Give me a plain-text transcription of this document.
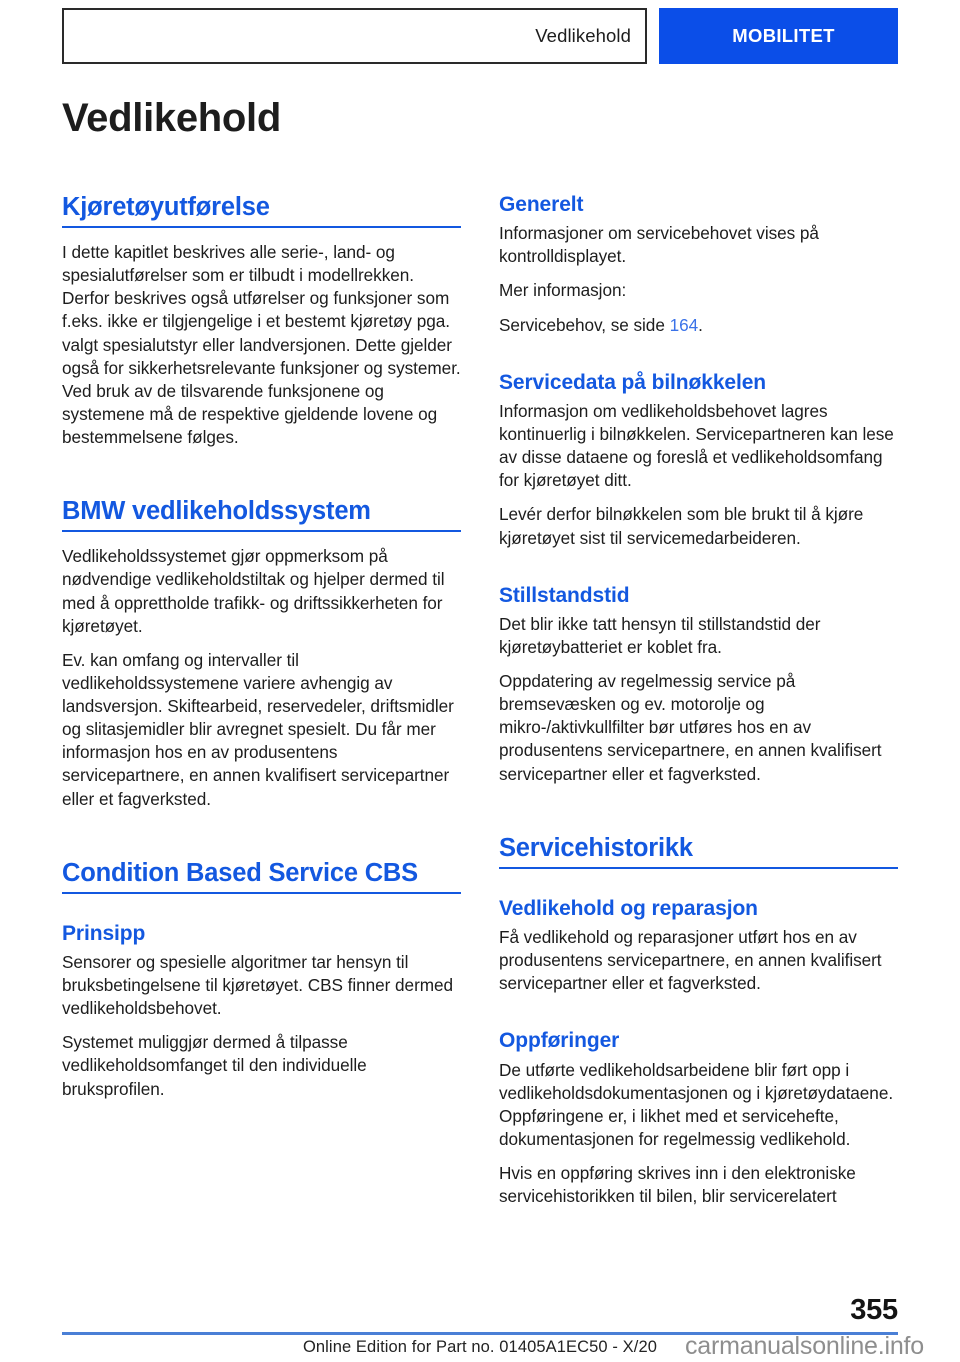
Vedlikehold	MOBILITET
Vedlikehold
Kjøretøyutførelse

I dette kapitlet beskrives alle serie-, land- og spesialutførelser som er tilbudt i modellrekken. Derfor beskrives også utførelser og funksjoner som f.eks. ikke er tilgjengelige i et bestemt kjøretøy pga. valgt spesialutstyr eller landversjonen. Dette gjelder også for sikkerhetsrelevante funksjoner og systemer. Ved bruk av de tilsvarende funksjonene og systemene må de respektive gjeldende lovene og bestemmelsene følges.

BMW vedlikeholdssystem

Vedlikeholdssystemet gjør oppmerksom på nødvendige vedlikeholdstiltak og hjelper dermed til med å opprettholde trafikk- og driftssikkerheten for kjøretøyet.

Ev. kan omfang og intervaller til vedlikeholdssystemene variere avhengig av landsversjon. Skiftearbeid, reservedeler, driftsmidler og slitasjemidler blir avregnet spesielt. Du får mer informasjon hos en av produsentens servicepartnere, en annen kvalifisert servicepartner eller et fagverksted.

Condition Based Service CBS
Prinsipp

Sensorer og spesielle algoritmer tar hensyn til bruksbetingelsene til kjøretøyet. CBS finner dermed vedlikeholdsbehovet.

Systemet muliggjør dermed å tilpasse vedlikeholdsomfanget til den individuelle bruksprofilen.

Generelt

Informasjoner om servicebehovet vises på kontrolldisplayet.

Mer informasjon:

Servicebehov, se side 164.

Servicedata på bilnøkkelen

Informasjon om vedlikeholdsbehovet lagres kontinuerlig i bilnøkkelen. Servicepartneren kan lese av disse dataene og foreslå et vedlikeholdsomfang for kjøretøyet ditt.

Levér derfor bilnøkkelen som ble brukt til å kjøre kjøretøyet sist til servicemedarbeideren.

Stillstandstid

Det blir ikke tatt hensyn til stillstandstid der kjøretøybatteriet er koblet fra.

Oppdatering av regelmessig service på bremsevæsken og ev. motorolje og mikro-/aktivkullfilter bør utføres hos en av produsentens servicepartnere, en annen kvalifisert servicepartner eller et fagverksted.

Servicehistorikk
Vedlikehold og reparasjon

Få vedlikehold og reparasjoner utført hos en av produsentens servicepartnere, en annen kvalifisert servicepartner eller et fagverksted.

Oppføringer

De utførte vedlikeholdsarbeidene blir ført opp i vedlikeholdsdokumentasjonen og i kjøretøydataene. Oppføringene er, i likhet med et servicehefte, dokumentasjonen for regelmessig vedlikehold.

Hvis en oppføring skrives inn i den elektroniske servicehistorikken til bilen, blir servicerelatert

355
Online Edition for Part no. 01405A1EC50 - X/20	carmanualsonline.info
